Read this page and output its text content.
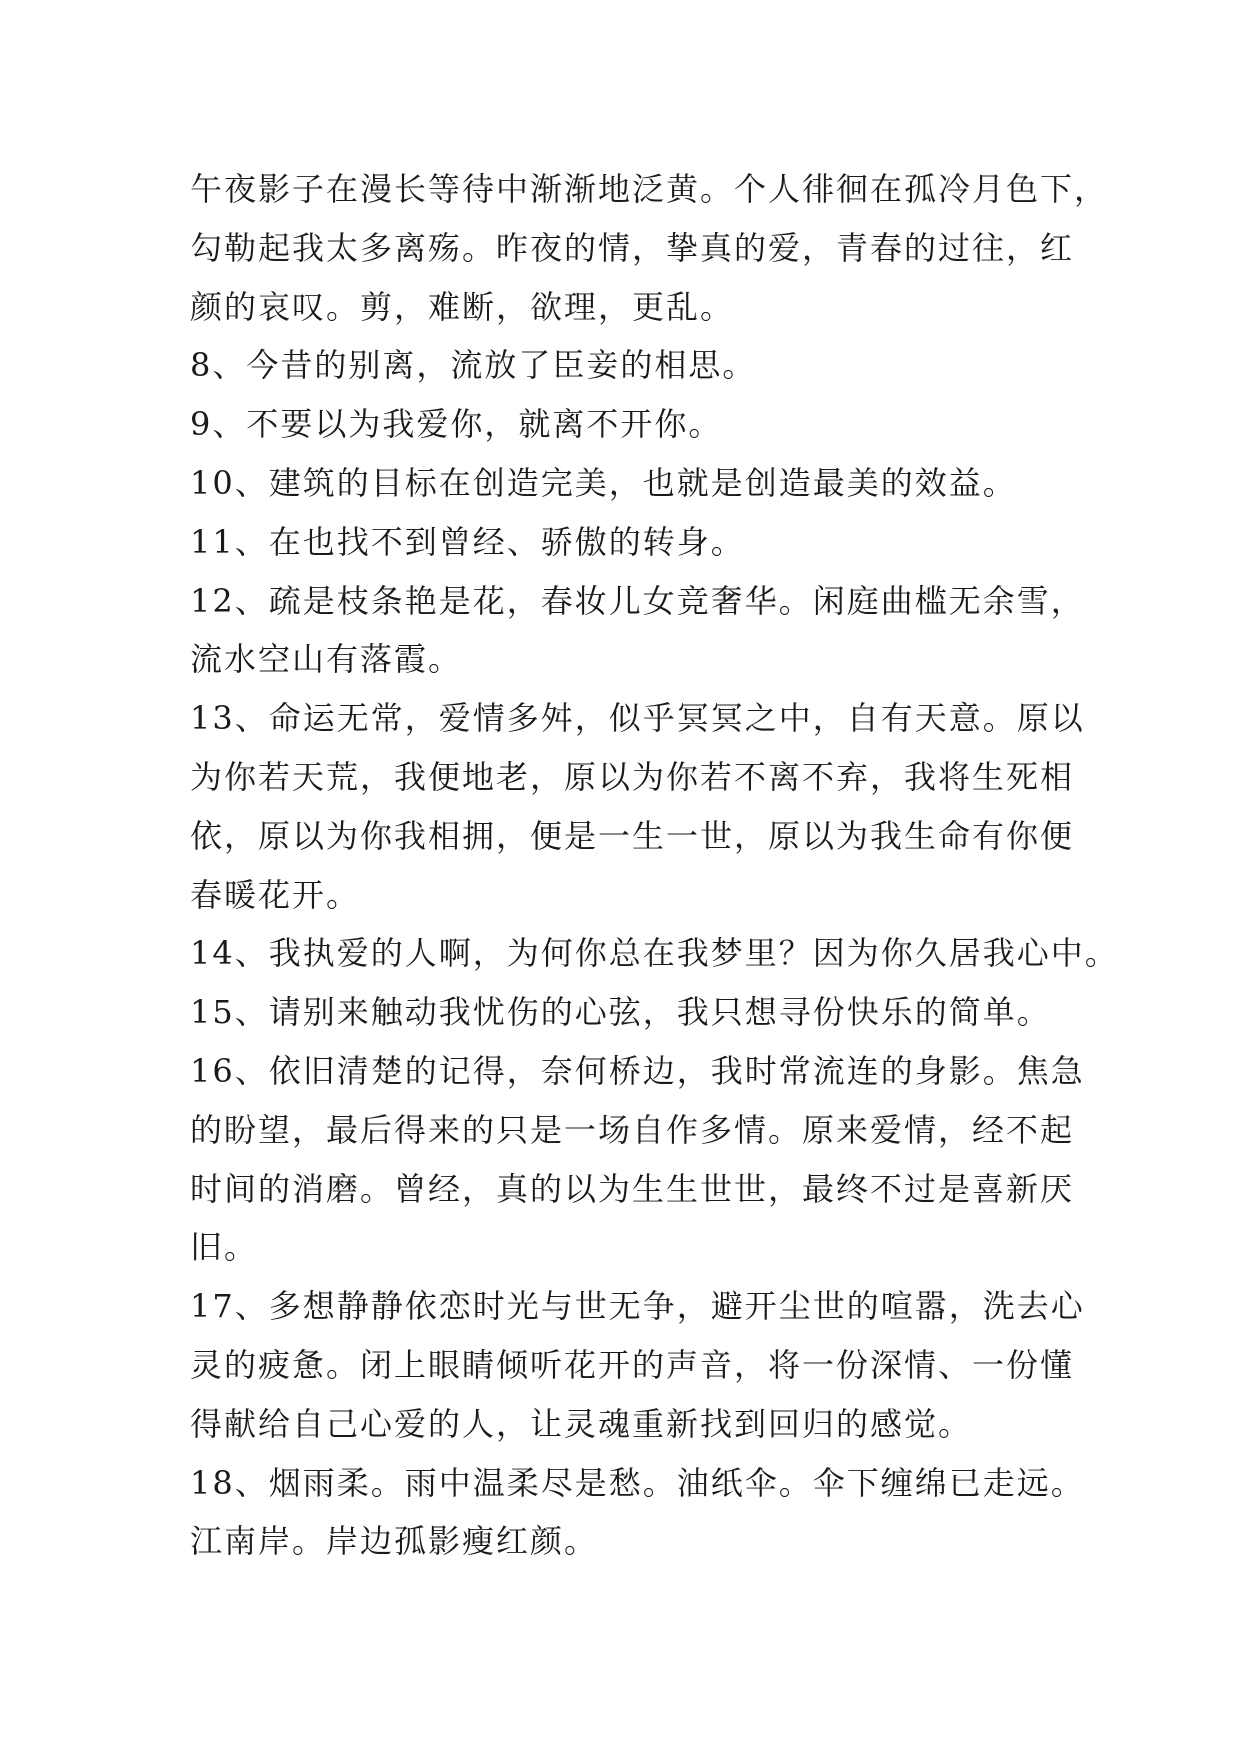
午夜影子在漫长等待中渐渐地泛黄。个人徘徊在孤冷月色下，
勾勒起我太多离殇。昨夜的情，挚真的爱，青春的过往，红
颜的哀叹。剪，难断，欲理，更乱。
8、今昔的别离，流放了臣妾的相思。
9、不要以为我爱你，就离不开你。
10、建筑的目标在创造完美，也就是创造最美的效益。
11、在也找不到曾经、骄傲的转身。
12、疏是枝条艳是花，春妆儿女竞奢华。闲庭曲槛无余雪，
流水空山有落霞。
13、命运无常，爱情多舛，似乎冥冥之中，自有天意。原以
为你若天荒，我便地老，原以为你若不离不弃，我将生死相
依，原以为你我相拥，便是一生一世，原以为我生命有你便
春暖花开。
14、我执爱的人啊，为何你总在我梦里？因为你久居我心中。
15、请别来触动我忧伤的心弦，我只想寻份快乐的简单。
16、依旧清楚的记得，奈何桥边，我时常流连的身影。焦急
的盼望，最后得来的只是一场自作多情。原来爱情，经不起
时间的消磨。曾经，真的以为生生世世，最终不过是喜新厌
旧。
17、多想静静依恋时光与世无争，避开尘世的喧嚣，洗去心
灵的疲惫。闭上眼睛倾听花开的声音，将一份深情、一份懂
得献给自己心爱的人，让灵魂重新找到回归的感觉。
18、烟雨柔。雨中温柔尽是愁。油纸伞。伞下缠绵已走远。
江南岸。岸边孤影瘦红颜。
